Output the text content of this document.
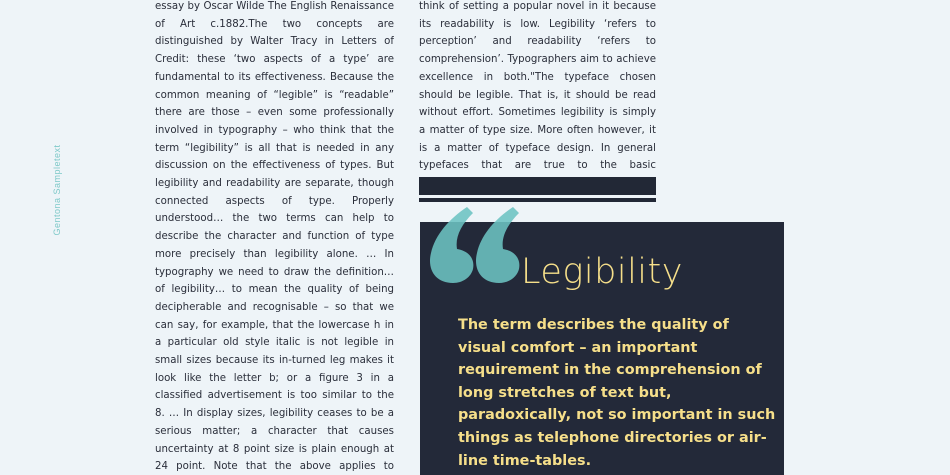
Gentona Sampletext

essay by Oscar Wilde The English Renaissance of Art c.1882.The two concepts are distinguished by Walter Tracy in Letters of Credit: these ‘two aspects of a type’ are fundamental to its effectiveness. Because the common meaning of “legible” is “readable” there are those – even some professionally involved in typography – who think that the term “legibility” is all that is needed in any discussion on the effectiveness of types. But legibility and readability are separate, though connected aspects of type. Properly understood… the two terms can help to describe the character and function of type more precisely than legibility alone. … In typography we need to draw the definition… of legibility… to mean the quality of being decipherable and recognisable – so that we can say, for example, that the lowercase h in a particular old style italic is not legible in small sizes because its in-turned leg makes it look like the letter b; or a figure 3 in a classified advertisement is too similar to the 8. … In display sizes, legibility ceases to be a serious matter; a character that causes uncertainty at 8 point size is plain enough at 24 point. Note that the above applies to

think of setting a popular novel in it because its readability is low. Legibility ‘refers to perception’ and readability ‘refers to comprehension’. Typographers aim to achieve excellence in both."The typeface chosen should be legible. That is, it should be read without effort. Sometimes legibility is simply a matter of type size. More often however, it is a matter of typeface design. In general typefaces that are true to the basic

Legibility
The term describes the quality of visual comfort – an important requirement in the comprehension of long stretches of text but, paradoxically, not so important in such things as telephone directories or air-line time-tables.
